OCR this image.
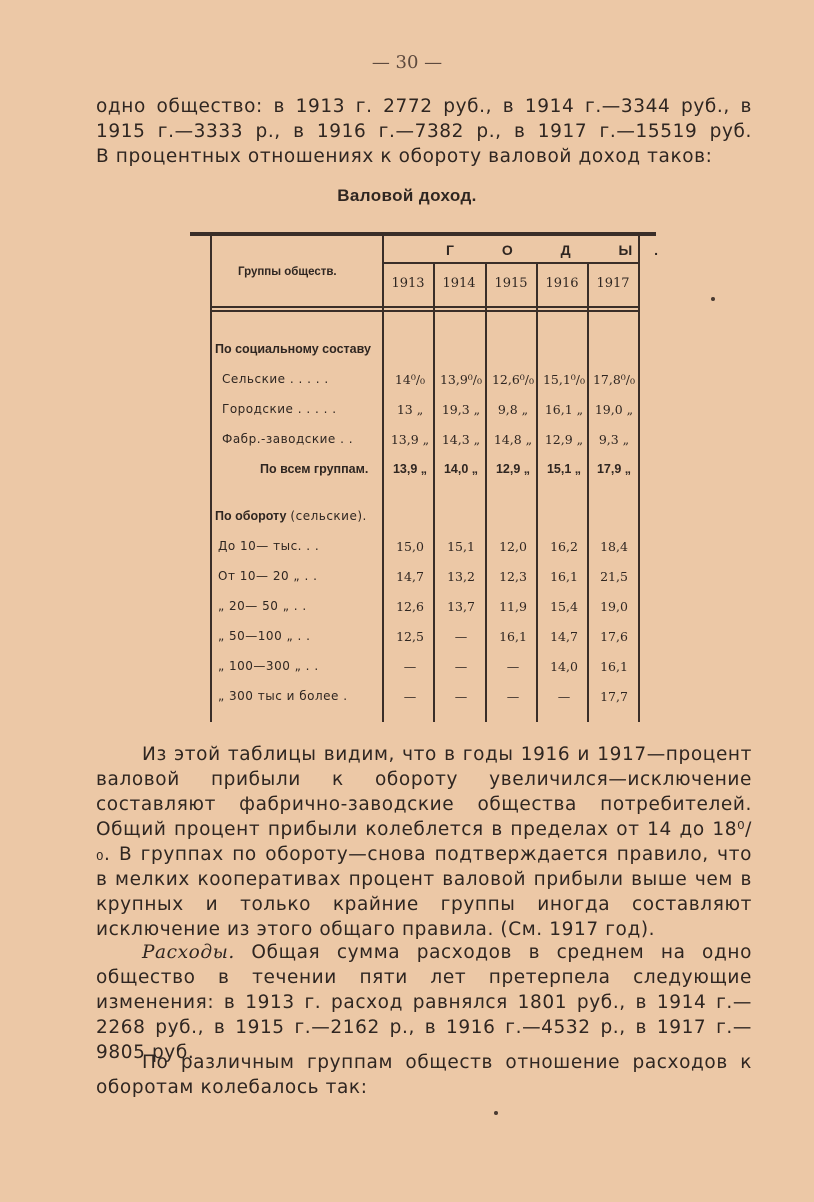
— 30 —
одно общество: в 1913 г. 2772 руб., в 1914 г.—3344 руб., в
1915 г.—3333 р., в 1916 г.—7382 р., в 1917 г.—15519 руб.
В процентных отношениях к обороту валовой доход таков:
Валовой доход.
Группы обществ.
Г О Д Ы.
1913	1914	1915	1916	1917
По социальному составу
Сельские . . . . .	14⁰/₀	13,9⁰/₀ 12,6⁰/₀ 15,1⁰/₀ 17,8⁰/₀
Городские . . . . .	13 „	19,3 „	9,8 „	16,1 „ 19,0 „
Фабр.-заводские . .	13,9 „	14,3 „	14,8 „	12,9 „	9,3 „
По всем группам.	13,9 „	14,0 „	12,9 „	15,1 „	17,9 „
По обороту (сельские).
До 10— тыс. . .	15,0	15,1	12,0	16,2	18,4
От 10— 20 „ . .	14,7	13,2	12,3	16,1	21,5
„ 20— 50 „ . .	12,6	13,7	11,9	15,4	19,0
„ 50—100 „ . .	12,5	—	16,1	14,7	17,6
„ 100—300 „ . .	—	—	—	14,0	16,1
„ 300 тыс и более .	—	—	—	—	17,7

Из этой таблицы видим, что в годы 1916 и 1917—процент валовой прибыли к обороту увеличился—исключение составляют фабрично-заводские общества потребителей. Общий процент прибыли колеблется в пределах от 14 до 18⁰/₀. В группах по обороту—снова подтверждается правило, что в мелких кооперативах процент валовой прибыли выше чем в крупных и только крайние группы иногда составляют исключение из этого общаго правила. (См. 1917 год).

Расходы. Общая сумма расходов в среднем на одно общество в течении пяти лет претерпела следующие изменения: в 1913 г. расход равнялся 1801 руб., в 1914 г.—2268 руб., в 1915 г.—2162 р., в 1916 г.—4532 р., в 1917 г.—9805 руб.

По различным группам обществ отношение расходов к оборотам колебалось так:
